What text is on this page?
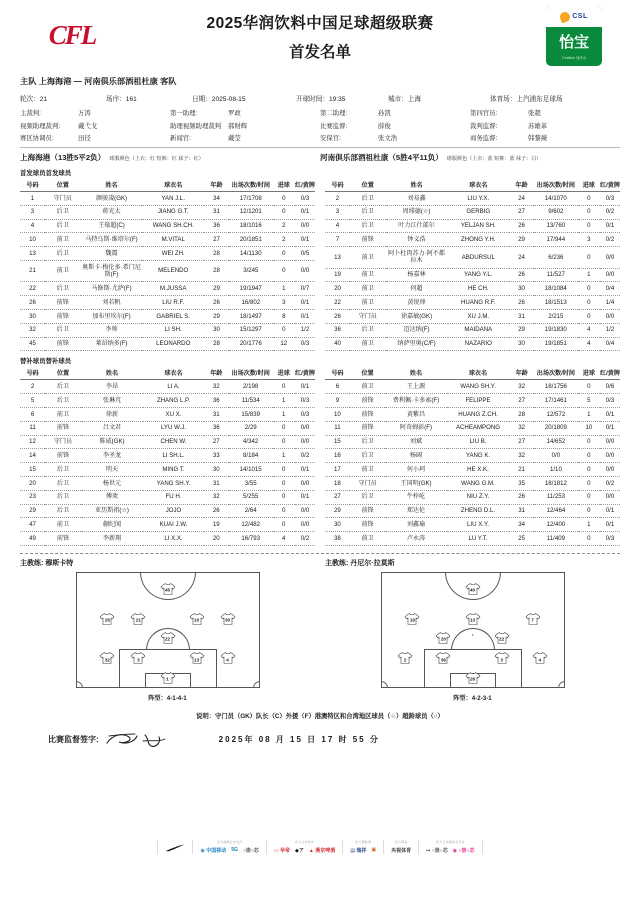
CFL	2025华润饮料中国足球超级联赛
首发名单
CSL
怡宝
C'estbon 纯净水
主队 上海海港 — 河南俱乐部酒祖杜康 客队
轮次：21	场序：161	日期：2025-08-15	开球时间：19:35	城市：上海	体育场：上汽浦东足球场
主裁判:	万涛	第一助理:	罗政	第二助理:	孙凯	第四官员:	张超
视频助理裁判:	戴弋戈	助理视频助理裁判	郝财辉	比赛监督:	薛俊	裁判监督:	苏雄革
赛区协调员:	田径	新闻官:	戴莹	安保官:	张文浩	商务监督:	韩黎薇
上海海港（13胜5平2负） 球服颜色（上衣：红 短裤：红 袜子：红）	河南俱乐部酒祖杜康（5胜4平11负） 球服颜色（上衣：蓝 短裤：蓝 袜子：白）
首发球员首发球员
号码	位置	姓名	球衣名	年龄	出场次数/时间	进球	红/黄牌
1	守门员	颜骏凌(GK)	YAN J.L.	34	17/1708	0	0/3
3	后卫	蒋光太	JIANG G.T.	31	12/1201	0	0/1
4	后卫	王燊超(C)	WANG SH.CH.	36	18/1016	2	0/0
10	前卫	马特乌斯·维塔尔(F)	M.VITAL	27	20/1851	2	0/1
13	后卫	魏震	WEI ZH.	28	14/1130	0	0/5
21	前卫	奥斯卡·梅伦多·希门尼斯(F)	MELENDO	28	3/245	0	0/0
22	后卫	马修斯·尤萨(F)	M.JUSSA	29	19/1947	1	0/7
26	前锋	刘若帆	LIU R.F.	26	16/802	3	0/1
30	前锋	加布里埃尔(F)	GABRIEL S.	29	18/1497	8	0/1
32	后卫	李帅	LI SH.	30	15/1297	0	1/2
45	前锋	莱昂纳多(F)	LEONARDO	28	20/1776	12	0/3
号码	位置	姓名	球衣名	年龄	出场次数/时间	进球	红/黄牌
2	后卫	刘易鑫	LIU Y.X.	24	14/1070	0	0/3
3	后卫	周绯德(☆)	GERBIG	27	9/602	0	0/2
4	后卫	叶力江什部尔	YELJAN SH.	26	13/760	0	0/1
7	前锋	钟义浩	ZHONG Y.H.	29	17/944	3	0/2
13	前卫	阿卜杜肉苏力·阿不都拉木	ABDURSUL	24	6/236	0	0/0
19	前卫	杨嘉林	YANG Y.L.	26	11/527	1	0/0
20	前卫	何超	HE CH.	30	18/1084	0	0/4
22	前卫	黄锐烽	HUANG R.F.	26	18/1513	0	1/4
26	守门员	徐嘉敏(GK)	XU J.M.	31	2/215	0	0/0
36	后卫	迈达纳(F)	MAIDANA	29	19/1830	4	1/2
40	前卫	纳萨里奥(C/F)	NAZARIO	30	19/1851	4	0/4
替补球员替补球员
号码	位置	姓名	球衣名	年龄	出场次数/时间	进球	红/黄牌
2	后卫	李昂	LI A.	32	2/198	0	0/1
5	后卫	张琳芃	ZHANG L.P.	36	11/534	1	0/3
6	前卫	徐新	XU X.	31	15/839	1	0/3
11	前锋	吕文君	LYU W.J.	36	2/29	0	0/0
12	守门员	陈威(GK)	CHEN W.	27	4/342	0	0/0
14	前锋	李圣龙	LI SH.L.	33	8/184	1	0/2
15	后卫	明天	MING T.	30	14/1015	0	0/1
20	后卫	杨世元	YANG SH.Y.	31	3/55	0	0/0
23	后卫	傅欢	FU H.	32	5/255	0	0/1
29	后卫	亚历斯祖(☆)	JOJO	26	2/64	0	0/0
47	前卫	蒯纪闻	KUAI J.W.	19	12/482	0	0/0
49	前锋	李新翔	LI X.X.	20	16/793	4	0/2
号码	位置	姓名	球衣名	年龄	出场次数/时间	进球	红/黄牌
6	前卫	王上源	WANG SH.Y.	32	18/1756	0	0/6
9	前锋	费利佩·卡多索(F)	FELIPPE	27	17/1461	5	0/3
10	前锋	黄紫昌	HUANG Z.CH.	28	12/572	1	0/1
11	前锋	阿奇姆彭(F)	ACHEAMPONG	32	20/1809	10	0/1
15	后卫	刘斌	LIU B.	27	14/652	0	0/0
16	后卫	杨阔	YANG K.	32	0/0	0	0/0
17	前卫	何小珂	HE X.K.	21	1/10	0	0/0
18	守门员	王国明(GK)	WANG G.M.	35	18/1812	0	0/2
27	后卫	牛梓屹	NIU Z.Y.	26	11/253	0	0/0
29	前锋	郑达伦	ZHENG D.L.	31	12/464	0	0/1
30	前锋	刘鑫瑜	LIU X.Y.	34	12/400	1	0/1
38	前卫	卢永涛	LU Y.T.	25	11/409	0	0/3
主教练: 穆斯卡特
45
26	21	10	30
22
32	3	13	4
1
阵型：4-1-4-1
主教练: 丹尼尔·拉莫斯
40
19	13	7
20	22
2	36	3	4
26
阵型：4-2-3-1
说明：守门员（GK）队长（C）外援（F）港澳特区和台湾地区球员（☆）超龄球员（○）
比赛监督签字:	2025年 08 月 15 日 17 时 55 分
官方战略合作伙伴
◉ 中国移动 5G ○崇○芯
官方合作伙伴
▭ 华帝 ◆ア ▲ 燕京啤酒
官方赞助商
▤ 瑞祥 ▣
官方用品
央视体育
官方合作媒体及平台
↦ ○崇○芯 ◉ ○崇○芯
